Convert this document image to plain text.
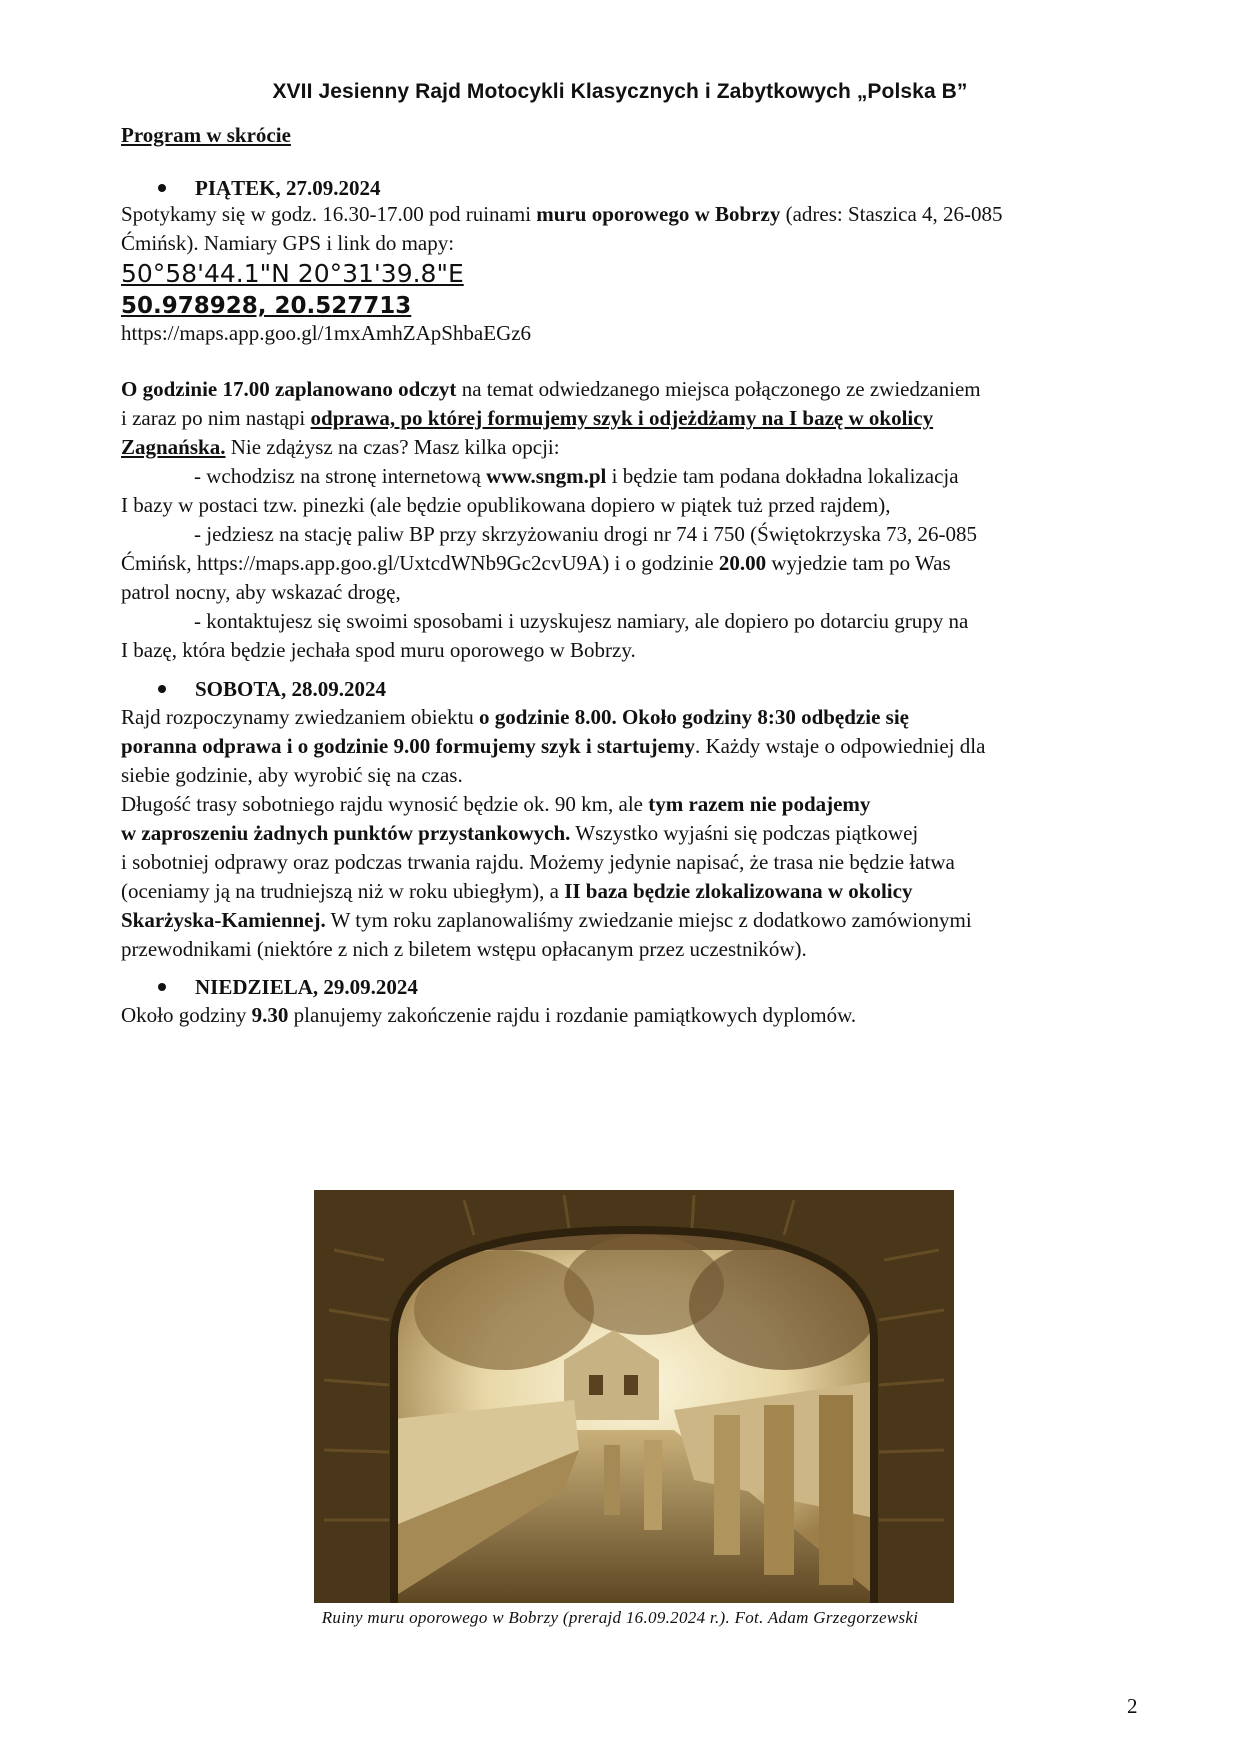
XVII Jesienny Rajd Motocykli Klasycznych i Zabytkowych „Polska B”
Program w skrócie
PIĄTEK, 27.09.2024
Spotykamy się w godz. 16.30-17.00 pod ruinami muru oporowego w Bobrzy (adres: Staszica 4, 26-085
Ćmińsk). Namiary GPS i link do mapy:
50°58'44.1"N 20°31'39.8"E
50.978928, 20.527713
https://maps.app.goo.gl/1mxAmhZApShbaEGz6
O godzinie 17.00 zaplanowano odczyt na temat odwiedzanego miejsca połączonego ze zwiedzaniem
i zaraz po nim nastąpi odprawa, po której formujemy szyk i odjeżdżamy na I bazę w okolicy
Zagnańska. Nie zdążysz na czas? Masz kilka opcji:
- wchodzisz na stronę internetową www.sngm.pl i będzie tam podana dokładna lokalizacja
I bazy w postaci tzw. pinezki (ale będzie opublikowana dopiero w piątek tuż przed rajdem),
- jedziesz na stację paliw BP przy skrzyżowaniu drogi nr 74 i 750 (Świętokrzyska 73, 26-085
Ćmińsk, https://maps.app.goo.gl/UxtcdWNb9Gc2cvU9A) i o godzinie 20.00 wyjedzie tam po Was
patrol nocny, aby wskazać drogę,
- kontaktujesz się swoimi sposobami i uzyskujesz namiary, ale dopiero po dotarciu grupy na
I bazę, która będzie jechała spod muru oporowego w Bobrzy.
SOBOTA, 28.09.2024
Rajd rozpoczynamy zwiedzaniem obiektu o godzinie 8.00. Około godziny 8:30 odbędzie się
poranna odprawa i o godzinie 9.00 formujemy szyk i startujemy. Każdy wstaje o odpowiedniej dla
siebie godzinie, aby wyrobić się na czas.
Długość trasy sobotniego rajdu wynosić będzie ok. 90 km, ale tym razem nie podajemy
w zaproszeniu żadnych punktów przystankowych. Wszystko wyjaśni się podczas piątkowej
i sobotniej odprawy oraz podczas trwania rajdu. Możemy jedynie napisać, że trasa nie będzie łatwa
(oceniamy ją na trudniejszą niż w roku ubiegłym), a II baza będzie zlokalizowana w okolicy
Skarżyska-Kamiennej. W tym roku zaplanowaliśmy zwiedzanie miejsc z dodatkowo zamówionymi
przewodnikami (niektóre z nich z biletem wstępu opłacanym przez uczestników).
NIEDZIELA, 29.09.2024
Około godziny 9.30 planujemy zakończenie rajdu i rozdanie pamiątkowych dyplomów.
Ruiny muru oporowego w Bobrzy (prerajd 16.09.2024 r.). Fot. Adam Grzegorzewski
2
